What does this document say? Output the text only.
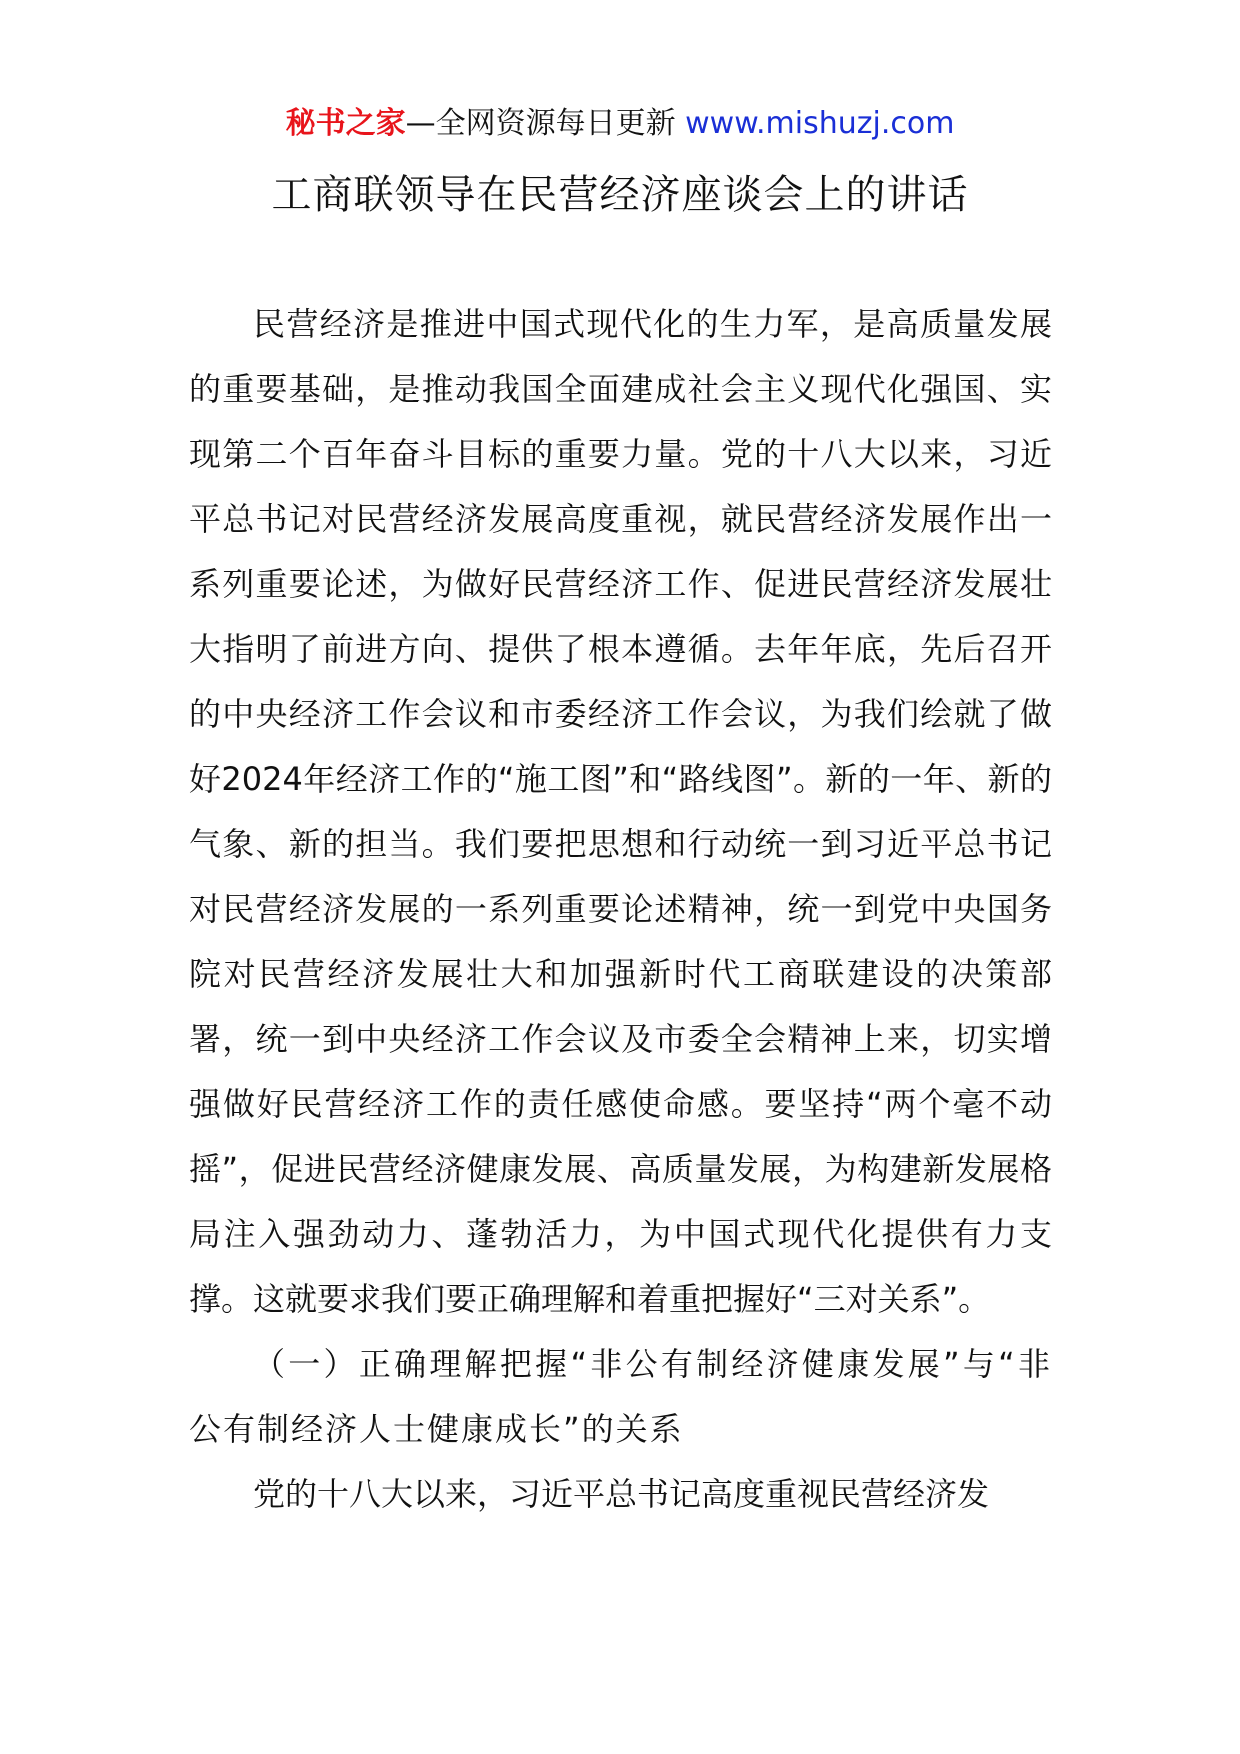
秘书之家—全网资源每日更新 www.mishuzj.com
工商联领导在民营经济座谈会上的讲话

民营经济是推进中国式现代化的生力军，是高质量发展的重要基础，是推动我国全面建成社会主义现代化强国、实现第二个百年奋斗目标的重要力量。党的十八大以来，习近平总书记对民营经济发展高度重视，就民营经济发展作出一系列重要论述，为做好民营经济工作、促进民营经济发展壮大指明了前进方向、提供了根本遵循。去年年底，先后召开的中央经济工作会议和市委经济工作会议，为我们绘就了做好2024年经济工作的“施工图”和“路线图”。新的一年、新的气象、新的担当。我们要把思想和行动统一到习近平总书记对民营经济发展的一系列重要论述精神，统一到党中央国务院对民营经济发展壮大和加强新时代工商联建设的决策部署，统一到中央经济工作会议及市委全会精神上来，切实增强做好民营经济工作的责任感使命感。要坚持“两个毫不动摇”，促进民营经济健康发展、高质量发展，为构建新发展格局注入强劲动力、蓬勃活力，为中国式现代化提供有力支撑。这就要求我们要正确理解和着重把握好“三对关系”。

（一）正确理解把握“非公有制经济健康发展”与“非公有制经济人士健康成长”的关系

党的十八大以来，习近平总书记高度重视民营经济发
